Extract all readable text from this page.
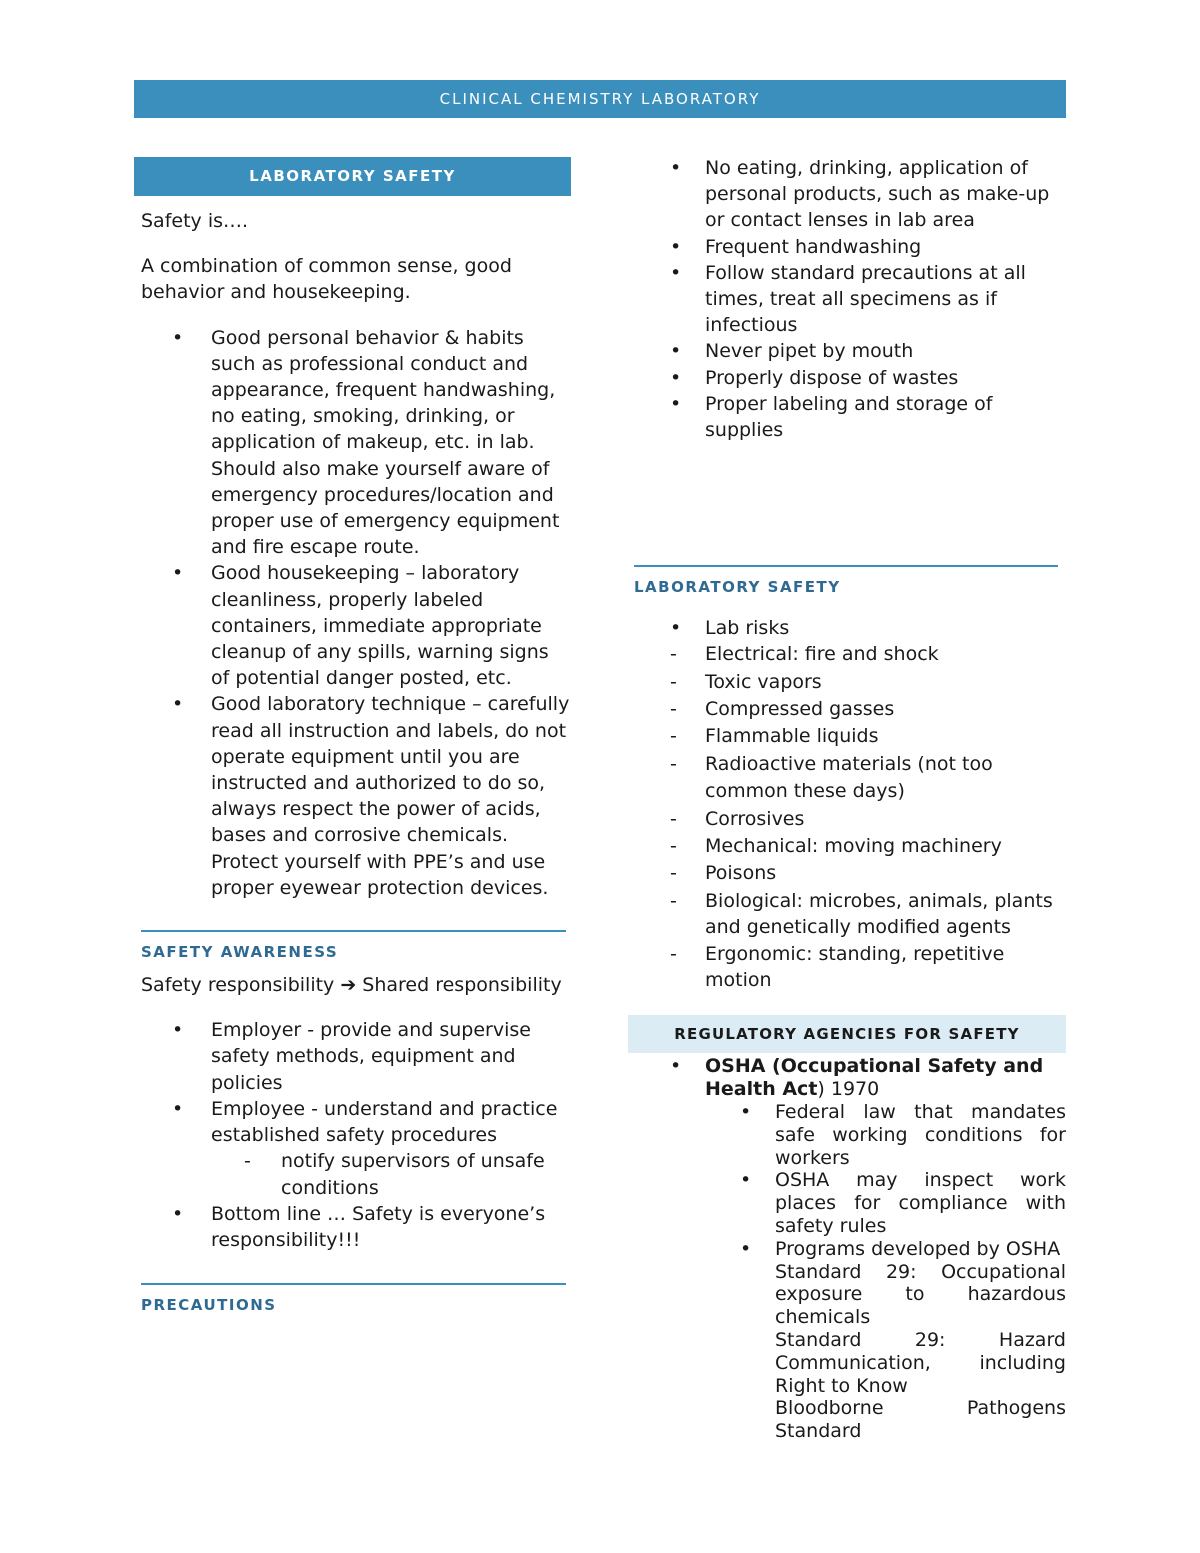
CLINICAL CHEMISTRY LABORATORY
LABORATORY SAFETY

Safety is….

A combination of common sense, good behavior and housekeeping.

•	Good personal behavior & habits such as professional conduct and appearance, frequent handwashing, no eating, smoking, drinking, or application of makeup, etc. in lab. Should also make yourself aware of emergency procedures/location and proper use of emergency equipment and fire escape route.
•	Good housekeeping – laboratory cleanliness, properly labeled containers, immediate appropriate cleanup of any spills, warning signs of potential danger posted, etc.
•	Good laboratory technique – carefully read all instruction and labels, do not operate equipment until you are instructed and authorized to do so, always respect the power of acids, bases and corrosive chemicals. Protect yourself with PPE’s and use proper eyewear protection devices.
SAFETY AWARENESS

Safety responsibility ➔ Shared responsibility

•	Employer - provide and supervise safety methods, equipment and policies
•	Employee - understand and practice established safety procedures
-	notify supervisors of unsafe conditions
•	Bottom line … Safety is everyone’s responsibility!!!
PRECAUTIONS
•	No eating, drinking, application of personal products, such as make-up or contact lenses in lab area
•	Frequent handwashing
•	Follow standard precautions at all times, treat all specimens as if infectious
•	Never pipet by mouth
•	Properly dispose of wastes
•	Proper labeling and storage of supplies
LABORATORY SAFETY
•	Lab risks
-	Electrical: fire and shock
-	Toxic vapors
-	Compressed gasses
-	Flammable liquids
-	Radioactive materials (not too common these days)
-	Corrosives
-	Mechanical: moving machinery
-	Poisons
-	Biological: microbes, animals, plants and genetically modified agents
-	Ergonomic: standing, repetitive motion
REGULATORY AGENCIES FOR SAFETY
•	OSHA (Occupational Safety and Health Act) 1970
•	Federal law that mandates safe working conditions for workers
•	OSHA may inspect work places for compliance with safety rules
•	Programs developed by OSHA
Standard 29: Occupational exposure to hazardous chemicals
Standard 29: Hazard Communication, including Right to Know
Bloodborne Pathogens Standard
